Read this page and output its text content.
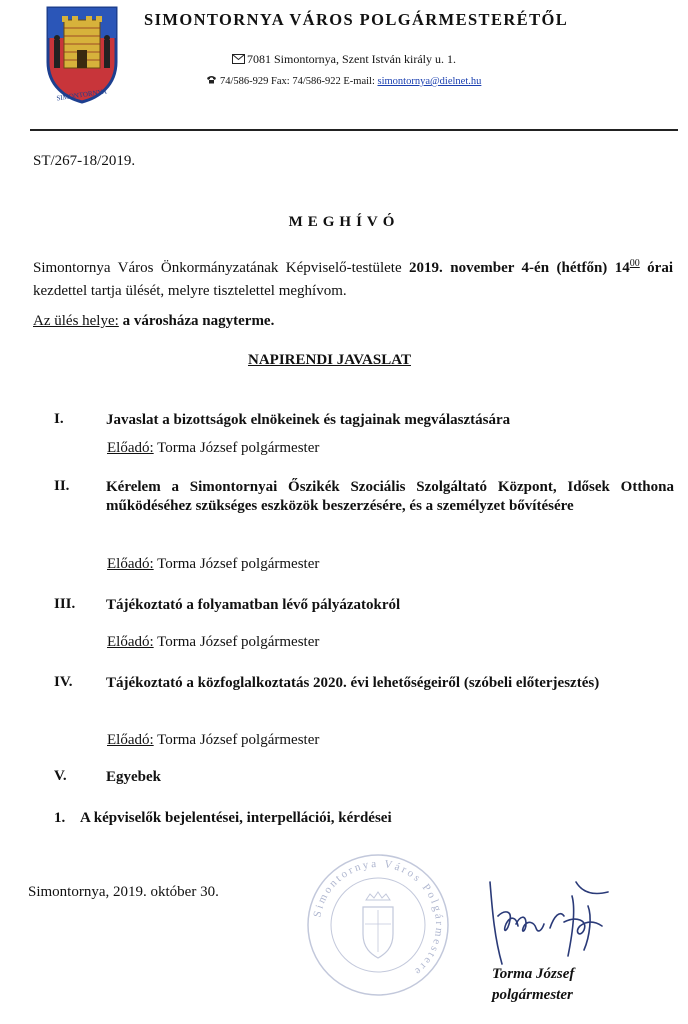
SIMONTORNYA
SIMONTORNYA VÁROS POLGÁRMESTERÉTŐL
7081 Simontornya, Szent István király u. 1.
74/586-929 Fax: 74/586-922 E-mail: simontornya@dielnet.hu
ST/267-18/2019.
MEGHÍVÓ
Simontornya Város Önkormányzatának Képviselő-testülete 2019. november 4-én (hétfőn) $14^{00}$ órai kezdettel tartja ülését, melyre tisztelettel meghívom.
Az ülés helye: a városháza nagyterme.
NAPIRENDI JAVASLAT
I.	Javaslat a bizottságok elnökeinek és tagjainak megválasztására
Előadó: Torma József polgármester
II. Kérelem a Simontornyai Őszikék Szociális Szolgáltató Központ, Idősek Otthona működéséhez szükséges eszközök beszerzésére, és a személyzet bővítésére
Előadó: Torma József polgármester
III. Tájékoztató a folyamatban lévő pályázatokról
Előadó: Torma József polgármester
IV. Tájékoztató a közfoglalkoztatás 2020. évi lehetőségeiről (szóbeli előterjesztés)
Előadó: Torma József polgármester
V.	Egyebek
1. A képviselők bejelentései, interpellációi, kérdései
Simontornya, 2019. október 30.
Simontornya Város Polgármestere	Torma József
polgármester
